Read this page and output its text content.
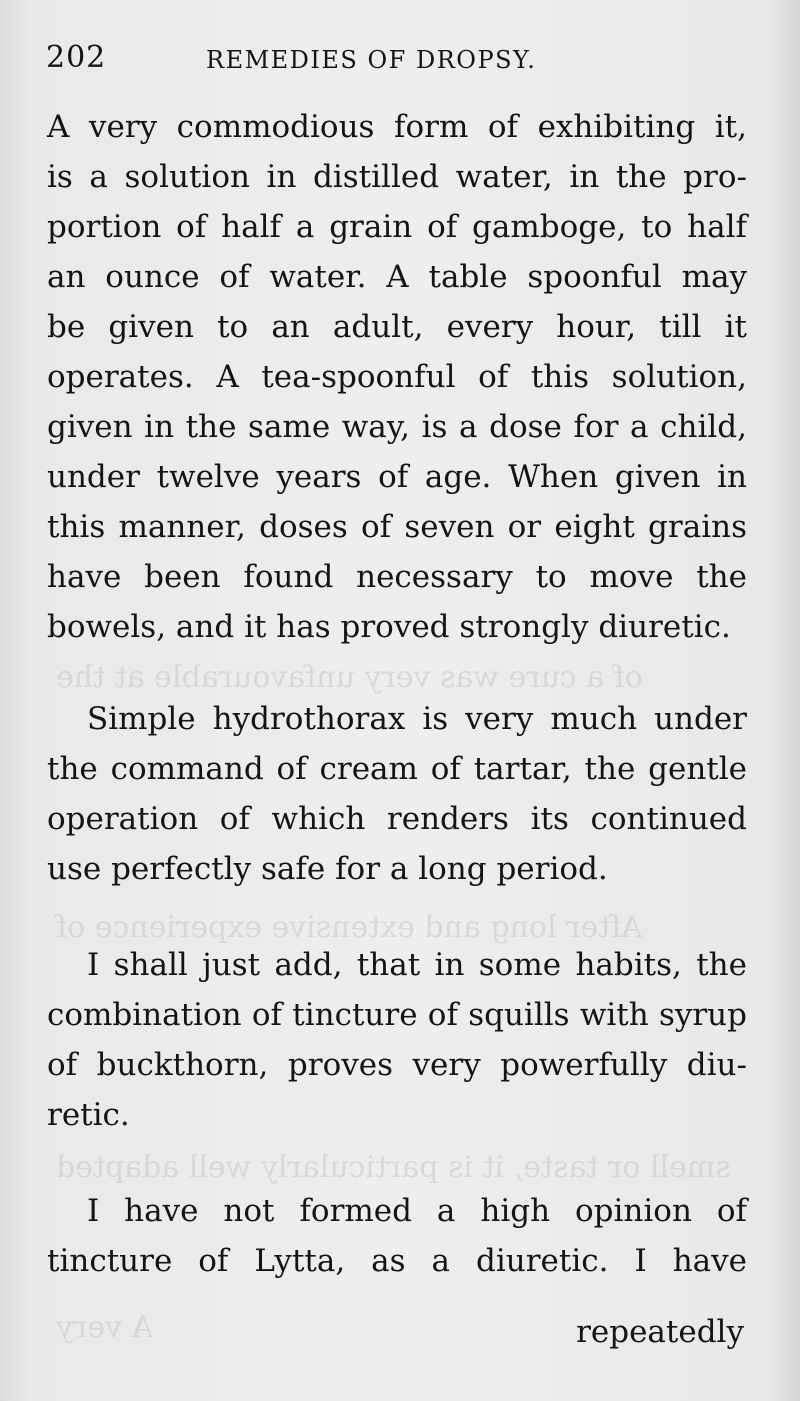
of a cure was very unfavourable at the
After long and extensive experience of
smell or taste, it is particularly well adapted
A very
202	REMEDIES OF DROPSY.

A very commodious form of exhibiting it,
is a solution in distilled water, in the pro-
portion of half a grain of gamboge, to half
an ounce of water. A table spoonful may
be given to an adult, every hour, till it
operates. A tea-spoonful of this solution,
given in the same way, is a dose for a child,
under twelve years of age. When given in
this manner, doses of seven or eight grains
have been found necessary to move the
bowels, and it has proved strongly diuretic.

Simple hydrothorax is very much under
the command of cream of tartar, the gentle
operation of which renders its continued
use perfectly safe for a long period.

I shall just add, that in some habits, the
combination of tincture of squills with syrup
of buckthorn, proves very powerfully diu-
retic.

I have not formed a high opinion of
tincture of Lytta, as a diuretic. I have

repeatedly
